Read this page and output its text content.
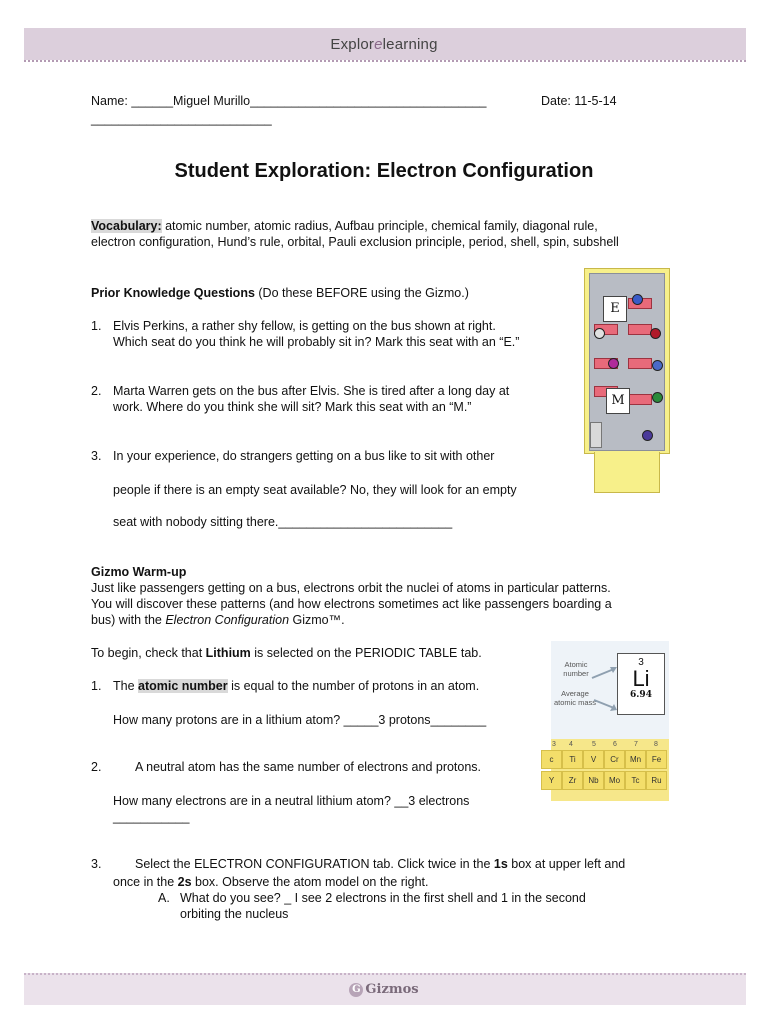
Explorelearning
Name: ______Miguel Murillo__________________________________	Date: 11-5-14
__________________________
Student Exploration: Electron Configuration
Vocabulary: atomic number, atomic radius, Aufbau principle, chemical family, diagonal rule,
electron configuration, Hund’s rule, orbital, Pauli exclusion principle, period, shell, spin, subshell
Prior Knowledge Questions (Do these BEFORE using the Gizmo.)
1. Elvis Perkins, a rather shy fellow, is getting on the bus shown at right.
Which seat do you think he will probably sit in? Mark this seat with an “E.”
2. Marta Warren gets on the bus after Elvis. She is tired after a long day at
work. Where do you think she will sit? Mark this seat with an “M.”
3. In your experience, do strangers getting on a bus like to sit with other
people if there is an empty seat available? No, they will look for an empty
seat with nobody sitting there._________________________
E
M
Gizmo Warm-up
Just like passengers getting on a bus, electrons orbit the nuclei of atoms in particular patterns.
You will discover these patterns (and how electrons sometimes act like passengers boarding a
bus) with the Electron Configuration Gizmo™.
To begin, check that Lithium is selected on the PERIODIC TABLE tab.
1. The atomic number is equal to the number of protons in an atom.
How many protons are in a lithium atom? _____3 protons________
2.	A neutral atom has the same number of electrons and protons.
How many electrons are in a neutral lithium atom? __3 electrons
___________
3.	Select the ELECTRON CONFIGURATION tab. Click twice in the 1s box at upper left and
once in the 2s box. Observe the atom model on the right.
A. What do you see? _ I see 2 electrons in the first shell and 1 in the second
orbiting the nucleus
Atomic number
Average atomic mass
3
Li
6.94
3 4	5 6 7 8
c	Ti	V	Cr	Mn	Fe
Y	Zr	Nb	Mo	Tc	Ru
G Gizmos
